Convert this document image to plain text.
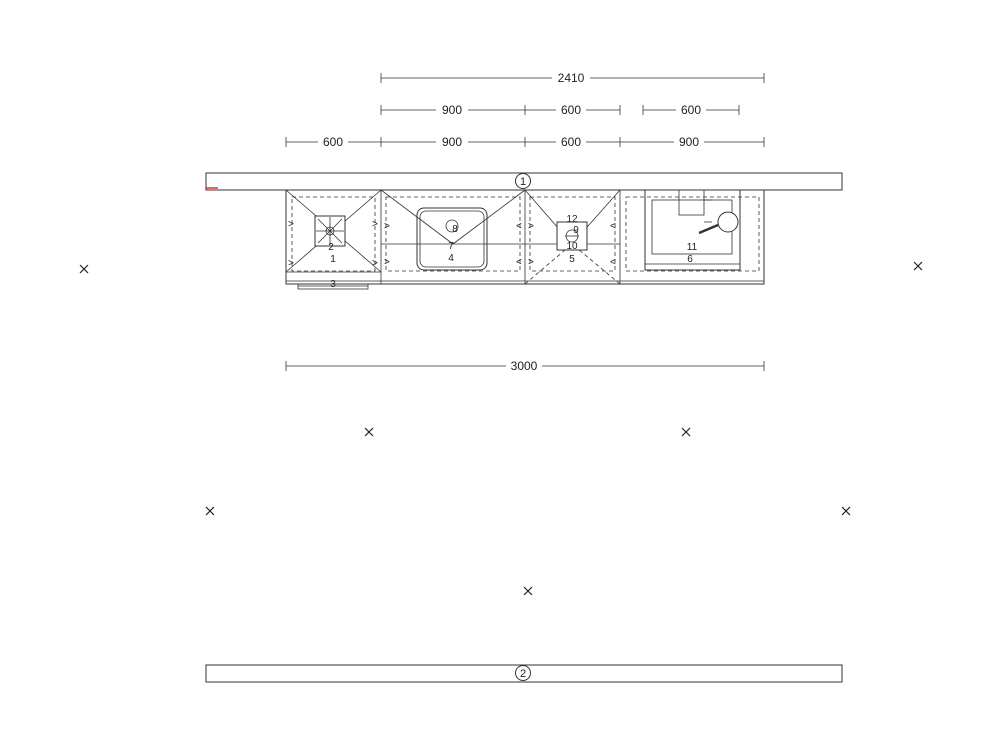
2410
900	600	600
600	900	600	900
1
2
1
>
>
>
>
3
>
>
<
<
8
7
4
>
>
<
<
12
9
10
5
11
6
3000
2
